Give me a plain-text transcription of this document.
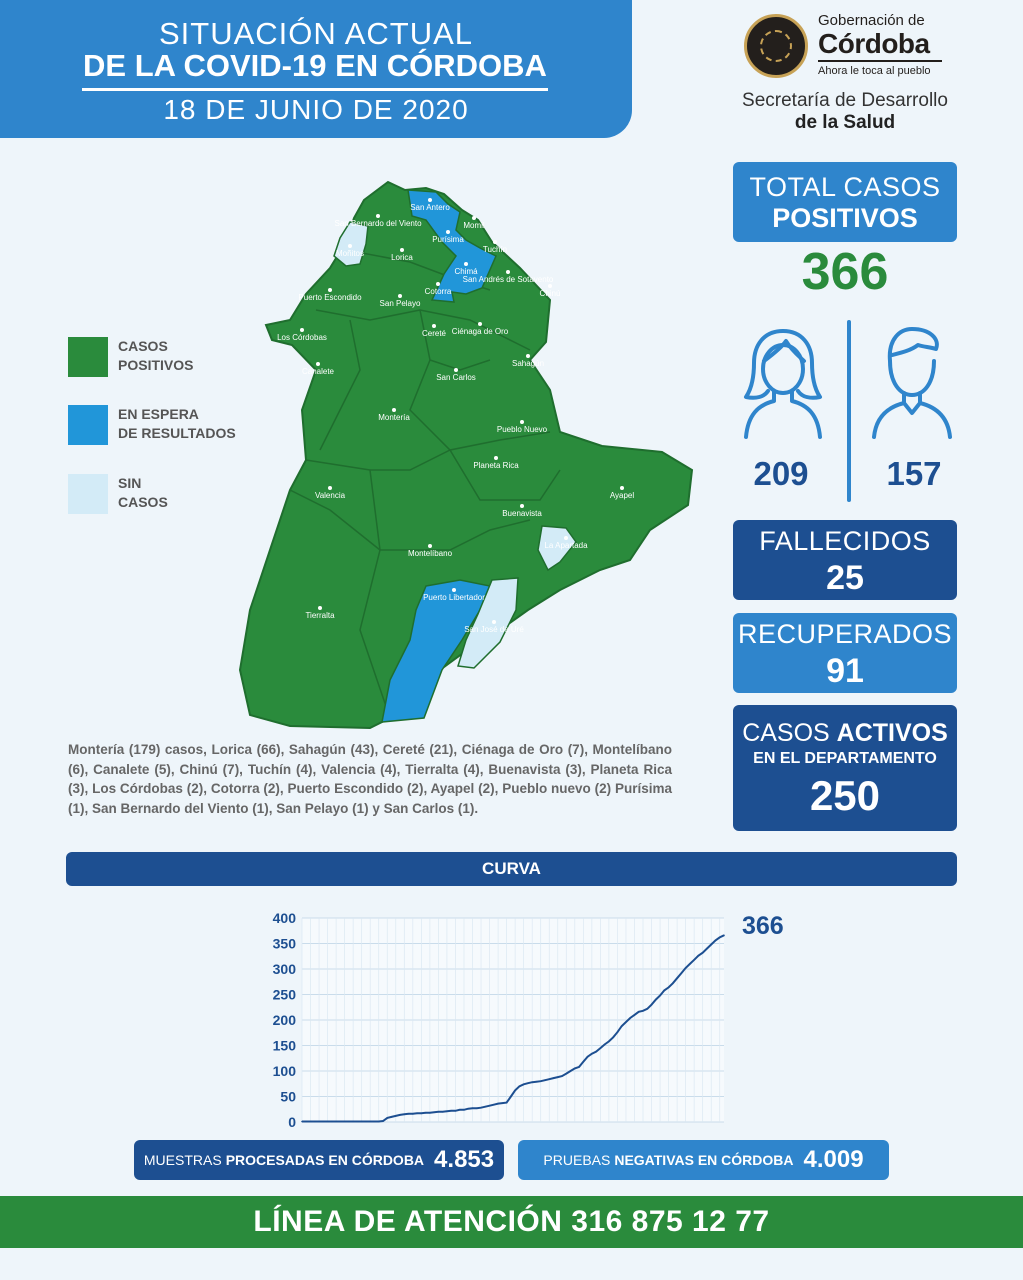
SITUACIÓN ACTUAL
DE LA COVID-19 EN CÓRDOBA
18 DE JUNIO DE 2020
Gobernación de
Córdoba
Ahora le toca al pueblo
Secretaría de Desarrollo
de la Salud
San Antero
San Bernardo del Viento	Momil
Moñitos
Purísima
Tuchín
Lorica
Chimá
San Andrés de Sotavento
Chinú
Puerto Escondido
Cotorra
San Pelayo
Los Córdobas	Cereté Ciénaga de Oro
Sahagún
Canalete
San Carlos
Montería
Pueblo Nuevo
Planeta Rica
Valencia	Ayapel
Buenavista
La Apartada
Montelíbano
Puerto Libertador
San José de Uré
Tierralta
CASOS
POSITIVOS
EN ESPERA
DE RESULTADOS
SIN
CASOS
TOTAL CASOS
POSITIVOS
366
209	157
FALLECIDOS
25
RECUPERADOS
91
CASOS ACTIVOS
EN EL DEPARTAMENTO
250
Montería (179) casos, Lorica (66), Sahagún (43), Cereté (21), Ciénaga de Oro (7), Montelíbano (6), Canalete (5), Chinú (7), Tuchín (4), Valencia (4), Tierralta (4), Buenavista (3), Planeta Rica (3), Los Córdobas (2), Cotorra (2), Puerto Escondido (2), Ayapel (2), Pueblo nuevo (2) Purísima (1), San Bernardo del Viento (1), San Pelayo (1) y San Carlos (1).
CURVA
0
50
100
150
200
250
300
350
400	366
MUESTRAS PROCESADAS EN CÓRDOBA 4.853	PRUEBAS NEGATIVAS EN CÓRDOBA 4.009
LÍNEA DE ATENCIÓN 316 875 12 77
